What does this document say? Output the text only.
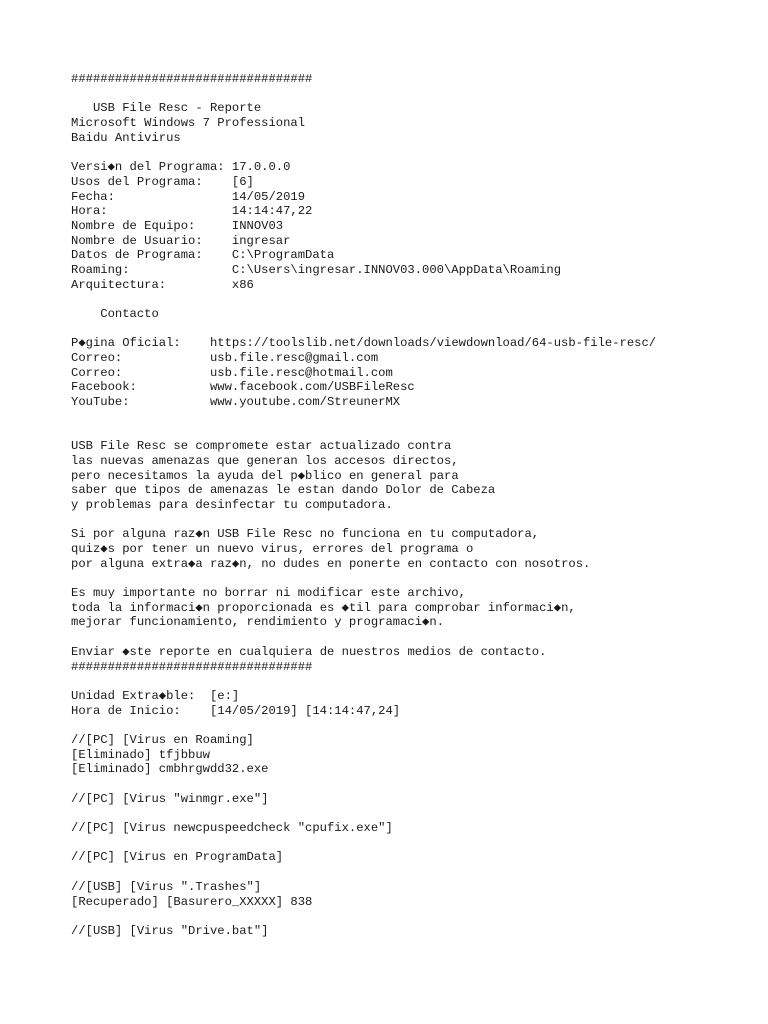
#################################

USB File Resc - Reporte
Microsoft Windows 7 Professional
Baidu Antivirus

Versi◆n del Programa: 17.0.0.0
Usos del Programa:    [6]
Fecha:                14/05/2019
Hora:                 14:14:47,22
Nombre de Equipo:     INNOV03
Nombre de Usuario:    ingresar
Datos de Programa:    C:\ProgramData
Roaming:              C:\Users\ingresar.INNOV03.000\AppData\Roaming
Arquitectura:         x86

Contacto

P◆gina Oficial:    https://toolslib.net/downloads/viewdownload/64-usb-file-resc/
Correo:            usb.file.resc@gmail.com
Correo:            usb.file.resc@hotmail.com
Facebook:          www.facebook.com/USBFileResc
YouTube:           www.youtube.com/StreunerMX

USB File Resc se compromete estar actualizado contra
las nuevas amenazas que generan los accesos directos,
pero necesitamos la ayuda del p◆blico en general para
saber que tipos de amenazas le estan dando Dolor de Cabeza
y problemas para desinfectar tu computadora.

Si por alguna raz◆n USB File Resc no funciona en tu computadora,
quiz◆s por tener un nuevo virus, errores del programa o
por alguna extra◆a raz◆n, no dudes en ponerte en contacto con nosotros.

Es muy importante no borrar ni modificar este archivo,
toda la informaci◆n proporcionada es ◆til para comprobar informaci◆n,
mejorar funcionamiento, rendimiento y programaci◆n.

Enviar ◆ste reporte en cualquiera de nuestros medios de contacto.
#################################

Unidad Extra◆ble:  [e:]
Hora de Inicio:    [14/05/2019] [14:14:47,24]

//[PC] [Virus en Roaming]
[Eliminado] tfjbbuw
[Eliminado] cmbhrgwdd32.exe

//[PC] [Virus "winmgr.exe"]

//[PC] [Virus newcpuspeedcheck "cpufix.exe"]

//[PC] [Virus en ProgramData]

//[USB] [Virus ".Trashes"]
[Recuperado] [Basurero_XXXXX] 838

//[USB] [Virus "Drive.bat"]
